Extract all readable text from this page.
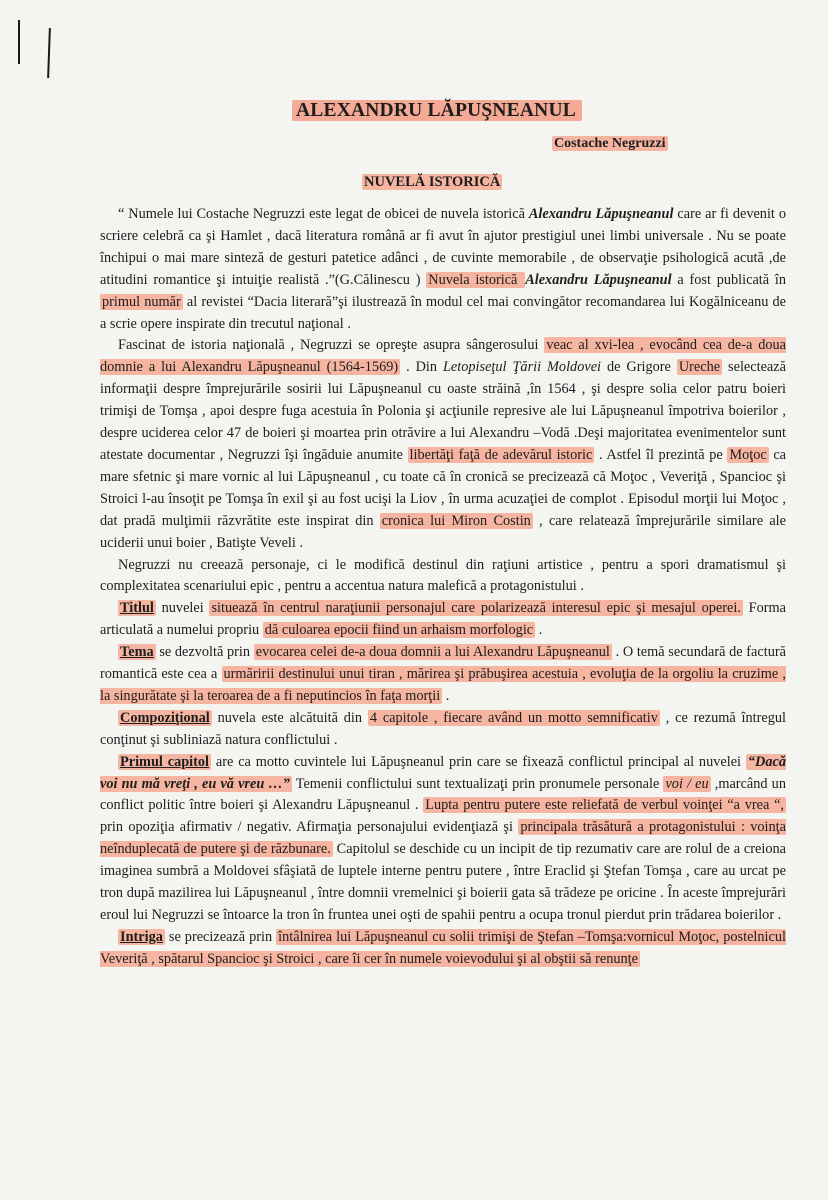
ALEXANDRU LĂPUŞNEANUL
Costache Negruzzi
NUVELĂ ISTORICĂ

“ Numele lui Costache Negruzzi este legat de obicei de nuvela istorică Alexandru Lăpuşneanul care ar fi devenit o scriere celebră ca şi Hamlet , dacă literatura română ar fi avut în ajutor prestigiul unei limbi universale . Nu se poate închipui o mai mare sinteză de gesturi patetice adânci , de cuvinte memorabile , de observaţie psihologică acută ,de atitudini romantice şi intuiţie realistă .”(G.Călinescu ) Nuvela istorică Alexandru Lăpuşneanul a fost publicată în primul număr al revistei “Dacia literară”şi ilustrează în modul cel mai convingător recomandarea lui Kogălniceanu de a scrie opere inspirate din trecutul naţional .

Fascinat de istoria naţională , Negruzzi se opreşte asupra sângerosului veac al xvi-lea , evocând cea de-a doua domnie a lui Alexandru Lăpuşneanul (1564-1569) . Din Letopiseţul Ţării Moldovei de Grigore Ureche selectează informaţii despre împrejurările sosirii lui Lăpuşneanul cu oaste străină ,în 1564 , şi despre solia celor patru boieri trimişi de Tomşa , apoi despre fuga acestuia în Polonia şi acţiunile represive ale lui Lăpuşneanul împotriva boierilor , despre uciderea celor 47 de boieri şi moartea prin otrăvire a lui Alexandru –Vodă .Deşi majoritatea evenimentelor sunt atestate documentar , Negruzzi îşi îngăduie anumite libertăţi faţă de adevărul istoric . Astfel îl prezintă pe Moţoc ca mare sfetnic şi mare vornic al lui Lăpuşneanul , cu toate că în cronică se precizează că Moţoc , Veveriţă , Spancioc şi Stroici l-au însoţit pe Tomşa în exil şi au fost ucişi la Liov , în urma acuzaţiei de complot . Episodul morţii lui Moţoc , dat pradă mulţimii răzvrătite este inspirat din cronica lui Miron Costin , care relatează împrejurările similare ale uciderii unui boier , Batişte Veveli .

Negruzzi nu creează personaje, ci le modifică destinul din raţiuni artistice , pentru a spori dramatismul şi complexitatea scenariului epic , pentru a accentua natura malefică a protagonistului .

Titlul nuvelei situează în centrul naraţiunii personajul care polarizează interesul epic şi mesajul operei. Forma articulată a numelui propriu dă culoarea epocii fiind un arhaism morfologic .

Tema se dezvoltă prin evocarea celei de-a doua domnii a lui Alexandru Lăpuşneanul . O temă secundară de factură romantică este cea a urmăririi destinului unui tiran , mărirea şi prăbuşirea acestuia , evoluţia de la orgoliu la cruzime , la singurătate şi la teroarea de a fi neputincios în faţa morţii .

Compoziţional nuvela este alcătuită din 4 capitole , fiecare având un motto semnificativ , ce rezumă întregul conţinut şi subliniază natura conflictului .

Primul capitol are ca motto cuvintele lui Lăpuşneanul prin care se fixează conflictul principal al nuvelei “Dacă voi nu mă vreţi , eu vă vreu …” Temenii conflictului sunt textualizaţi prin pronumele personale voi / eu ,marcând un conflict politic între boieri şi Alexandru Lăpuşneanul . Lupta pentru putere este reliefată de verbul voinţei “a vrea “, prin opoziţia afirmativ / negativ. Afirmaţia personajului evidenţiază şi principala trăsătură a protagonistului : voinţa neînduplecată de putere şi de răzbunare. Capitolul se deschide cu un incipit de tip rezumativ care are rolul de a creiona imaginea sumbră a Moldovei sfâşiată de luptele interne pentru putere , între Eraclid şi Ştefan Tomşa , care au urcat pe tron după mazilirea lui Lăpuşneanul , între domnii vremelnici şi boierii gata să trădeze pe oricine . În aceste împrejurări eroul lui Negruzzi se întoarce la tron în fruntea unei oşti de spahii pentru a ocupa tronul pierdut prin trădarea boierilor .

Intriga se precizează prin întâlnirea lui Lăpuşneanul cu solii trimişi de Ştefan –Tomşa:vornicul Moţoc, postelnicul Veveriţă , spătarul Spancioc şi Stroici , care îi cer în numele voievodului şi al obştii să renunţe
